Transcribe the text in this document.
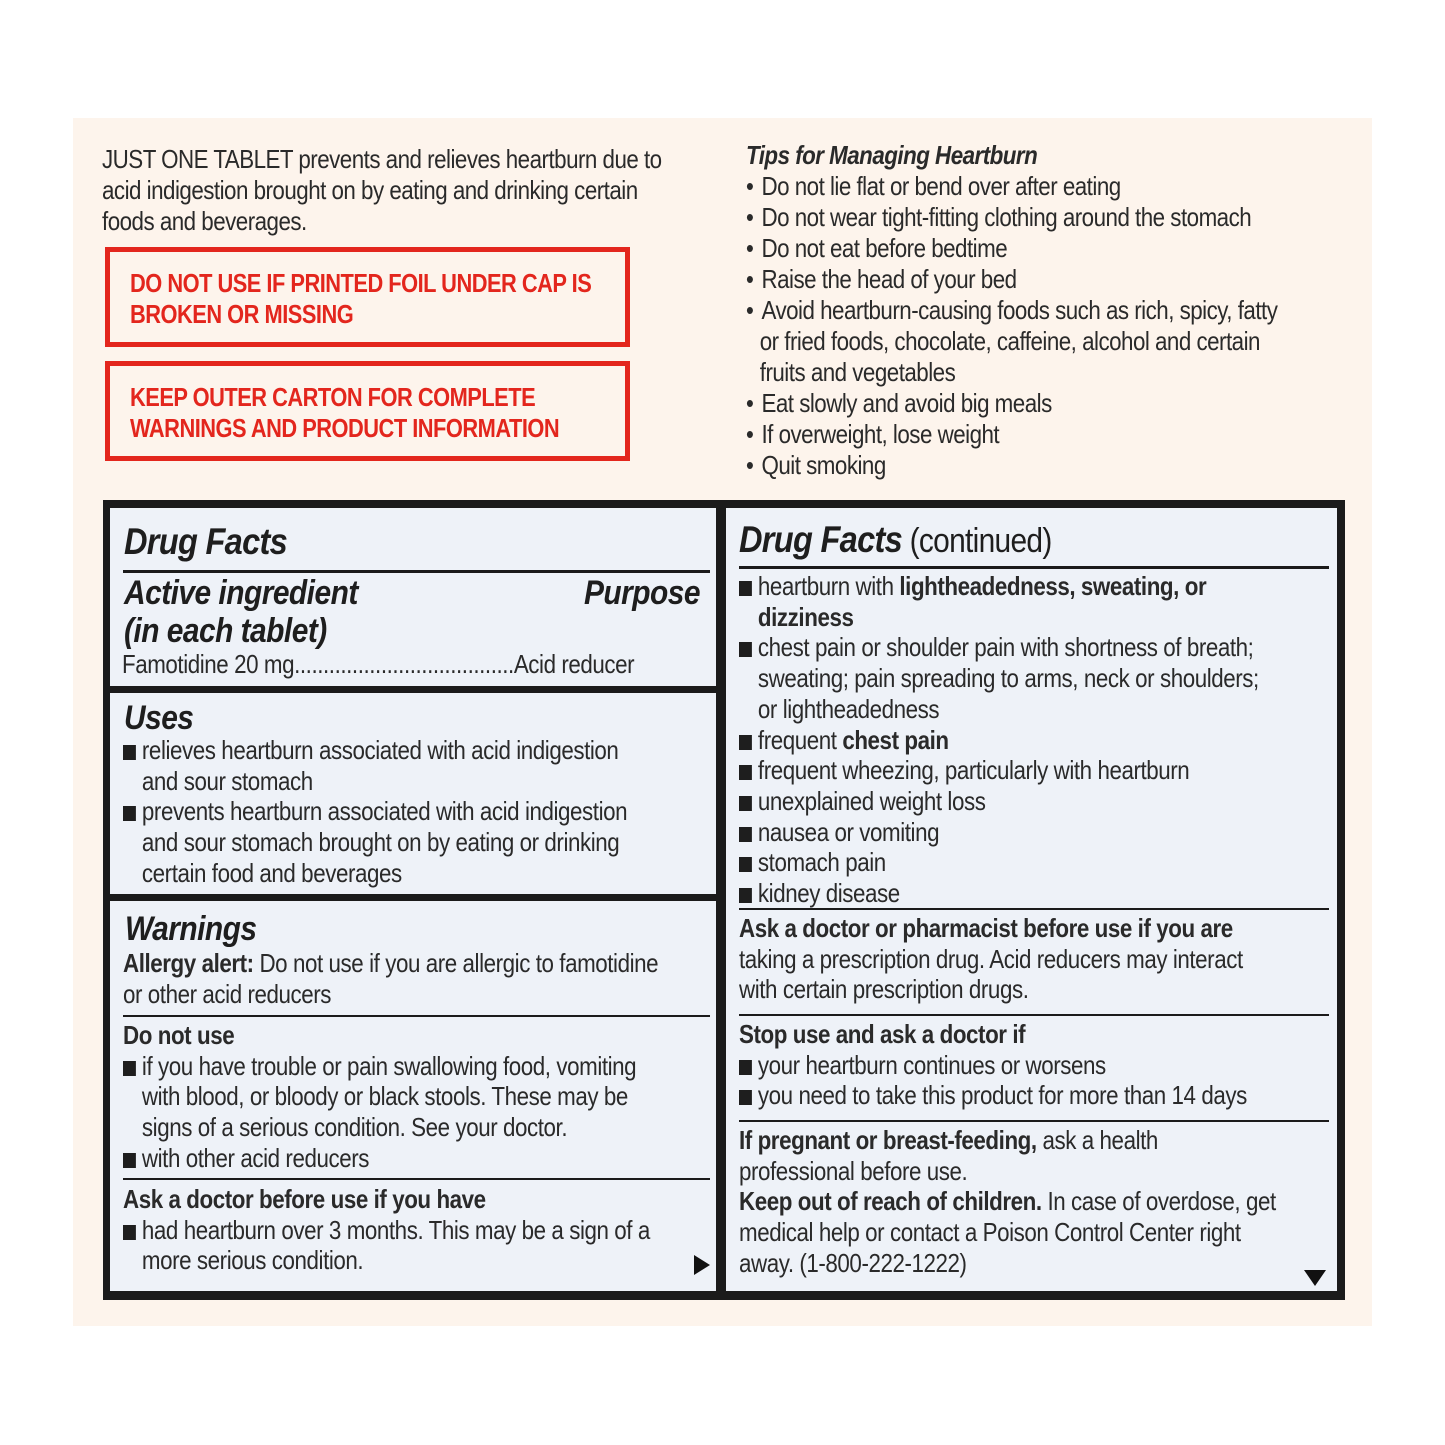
JUST ONE TABLET prevents and relieves heartburn due to
acid indigestion brought on by eating and drinking certain
foods and beverages.
DO NOT USE IF PRINTED FOIL UNDER CAP IS
BROKEN OR MISSING
KEEP OUTER CARTON FOR COMPLETE
WARNINGS AND PRODUCT INFORMATION
Tips for Managing Heartburn
• Do not lie flat or bend over after eating
• Do not wear tight-fitting clothing around the stomach
• Do not eat before bedtime
• Raise the head of your bed
• Avoid heartburn-causing foods such as rich, spicy, fatty
or fried foods, chocolate, caffeine, alcohol and certain
fruits and vegetables
• Eat slowly and avoid big meals
• If overweight, lose weight
• Quit smoking
Drug Facts
Active ingredient
(in each tablet)
Purpose
Famotidine 20 mg......................................Acid reducer
Uses
relieves heartburn associated with acid indigestion
and sour stomach
prevents heartburn associated with acid indigestion
and sour stomach brought on by eating or drinking
certain food and beverages
Warnings
Allergy alert: Do not use if you are allergic to famotidine
or other acid reducers
Do not use
if you have trouble or pain swallowing food, vomiting
with blood, or bloody or black stools. These may be
signs of a serious condition. See your doctor.
with other acid reducers
Ask a doctor before use if you have
had heartburn over 3 months. This may be a sign of a
more serious condition.
Drug Facts (continued)
heartburn with lightheadedness, sweating, or
dizziness
chest pain or shoulder pain with shortness of breath;
sweating; pain spreading to arms, neck or shoulders;
or lightheadedness
frequent chest pain
frequent wheezing, particularly with heartburn
unexplained weight loss
nausea or vomiting
stomach pain
kidney disease
Ask a doctor or pharmacist before use if you are
taking a prescription drug. Acid reducers may interact
with certain prescription drugs.
Stop use and ask a doctor if
your heartburn continues or worsens
you need to take this product for more than 14 days
If pregnant or breast-feeding, ask a health
professional before use.
Keep out of reach of children. In case of overdose, get
medical help or contact a Poison Control Center right
away. (1-800-222-1222)
